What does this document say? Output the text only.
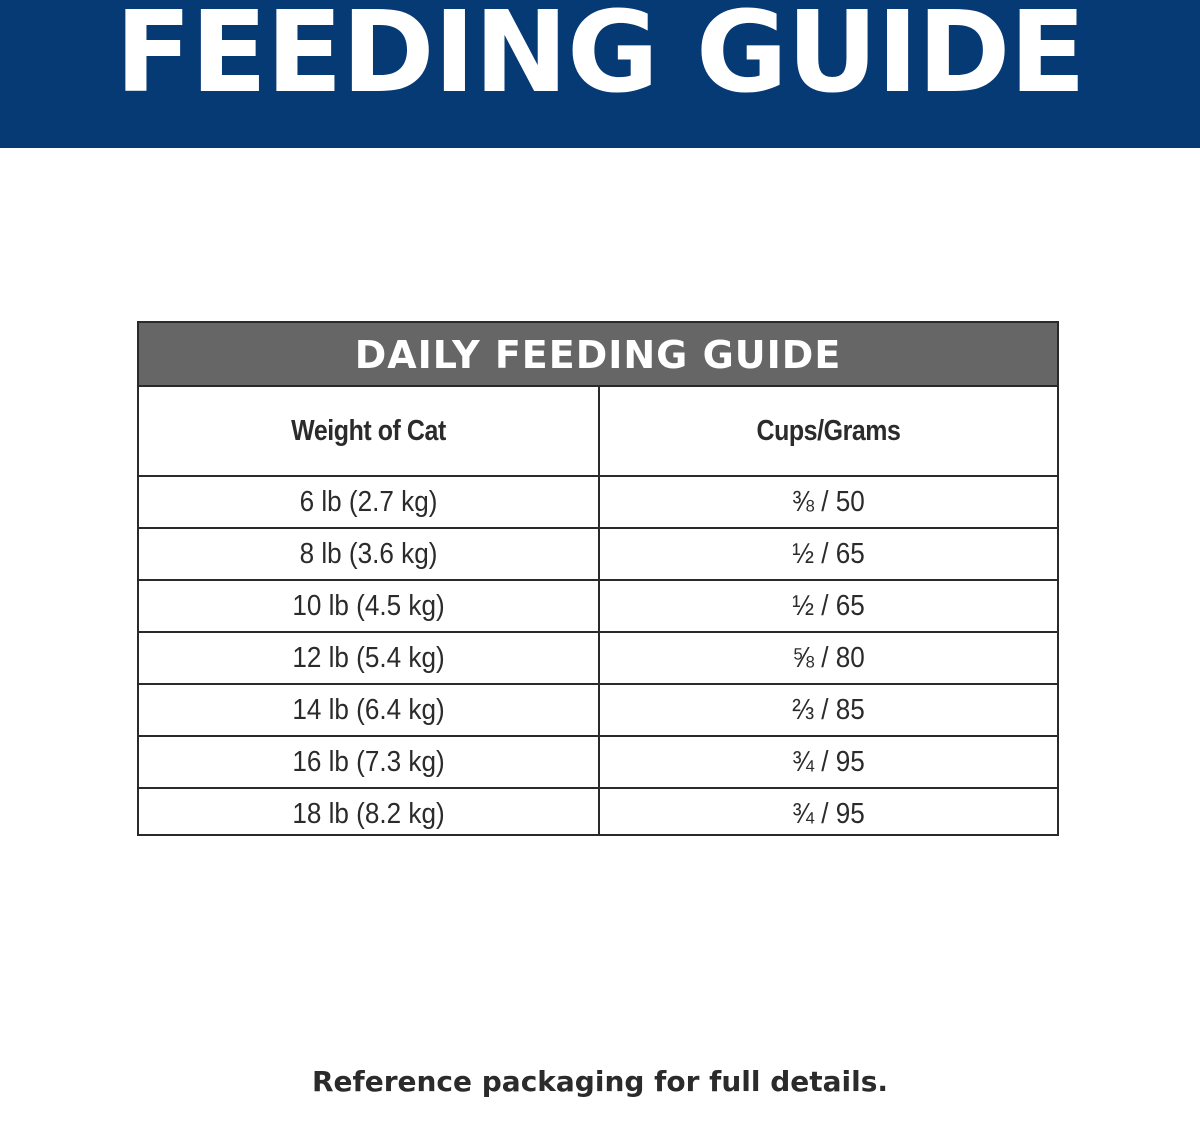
FEEDING GUIDE
DAILY FEEDING GUIDE
Weight of Cat	Cups/Grams
6 lb (2.7 kg)	⅜ / 50
8 lb (3.6 kg)	½ / 65
10 lb (4.5 kg)	½ / 65
12 lb (5.4 kg)	⅝ / 80
14 lb (6.4 kg)	⅔ / 85
16 lb (7.3 kg)	¾ / 95
18 lb (8.2 kg)	¾ / 95
Reference packaging for full details.
